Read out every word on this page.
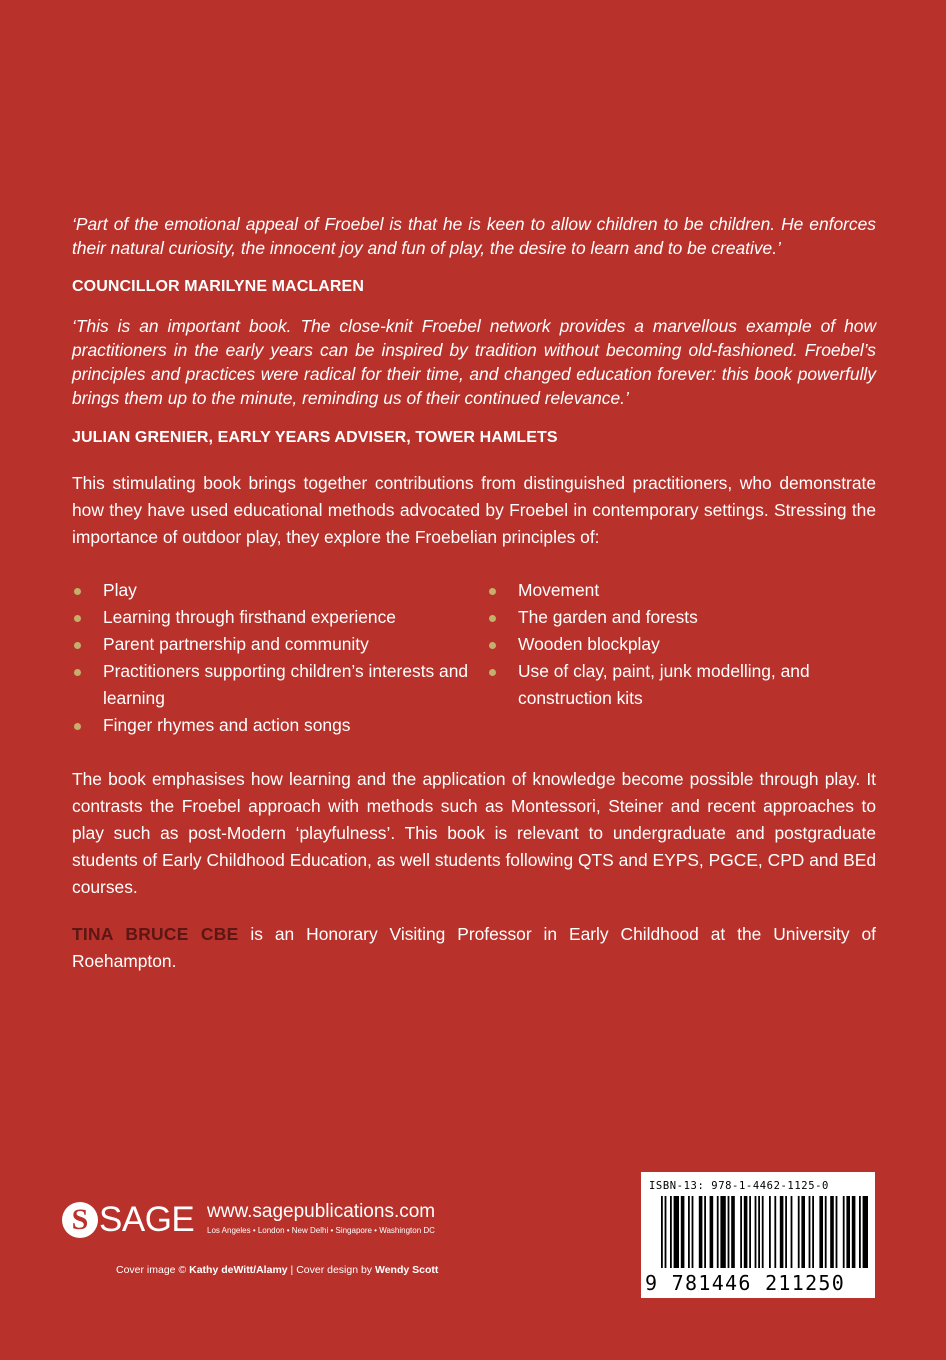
‘Part of the emotional appeal of Froebel is that he is keen to allow children to be children. He enforces their natural curiosity, the innocent joy and fun of play, the desire to learn and to be creative.’

COUNCILLOR MARILYNE MACLAREN

‘This is an important book. The close-knit Froebel network provides a marvellous example of how practitioners in the early years can be inspired by tradition without becoming old-fashioned. Froebel’s principles and practices were radical for their time, and changed education forever: this book powerfully brings them up to the minute, reminding us of their continued relevance.’

JULIAN GRENIER, EARLY YEARS ADVISER, TOWER HAMLETS

This stimulating book brings together contributions from distinguished practitioners, who demonstrate how they have used educational methods advocated by Froebel in contemporary settings. Stressing the importance of outdoor play, they explore the Froebelian principles of:

Play
Learning through firsthand experience
Parent partnership and community
Practitioners supporting children’s interests and learning
Finger rhymes and action songs
Movement
The garden and forests
Wooden blockplay
Use of clay, paint, junk modelling, and construction kits

The book emphasises how learning and the application of knowledge become possible through play. It contrasts the Froebel approach with methods such as Montessori, Steiner and recent approaches to play such as post-Modern ‘playfulness’. This book is relevant to undergraduate and postgraduate students of Early Childhood Education, as well students following QTS and EYPS, PGCE, CPD and BEd courses.

TINA BRUCE CBE is an Honorary Visiting Professor in Early Childhood at the University of Roehampton.

S SAGE www.sagepublications.com
Los Angeles • London • New Delhi • Singapore • Washington DC
Cover image © Kathy deWitt/Alamy | Cover design by Wendy Scott
ISBN-13: 978-1-4462-1125-0
9 781446 211250
